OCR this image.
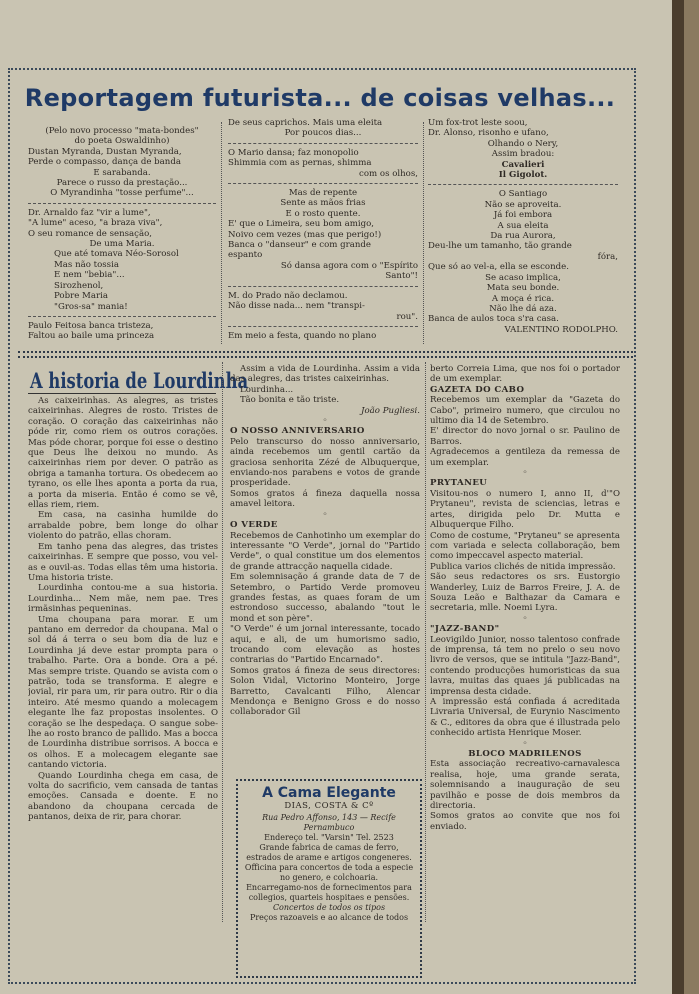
Reportagem futurista... de coisas velhas...

(Pelo novo processo "mata-bondes"

do poeta Oswaldinho)

Dustan Myranda, Dustan Myranda,

Perde o compasso, dança de banda

E sarabanda.

Parece o russo da prestação...

O Myrandinha "tosse perfume"...

Dr. Arnaldo faz "vir a lume",

"A lume" aceso, "a braza viva",

O seu romance de sensação,

De uma Maria.

Que até tomava Néo-Sorosol

Mas não tossia

E nem "bebia"...

Sirozhenol,

Pobre Maria

"Gros-sa" mania!

Paulo Feitosa banca tristeza,

Faltou ao baile uma princeza

De seus caprichos. Mais uma eleita

Por poucos dias...

O Mario dansa; faz monopolio

Shimmia com as pernas, shimma

com os olhos,

Mas de repente

Sente as mãos frias

E o rosto quente.

E' que o Limeira, seu bom amigo,

Noivo cem vezes (mas que perigo!)

Banca o "danseur" e com grande

espanto

Só dansa agora com o "Espírito

Santo"!

M. do Prado não declamou.

Não disse nada... nem "transpi-

rou".

Em meio a festa, quando no plano

Um fox-trot leste soou,

Dr. Alonso, risonho e ufano,

Olhando o Nery,

Assim bradou:

Cavalieri

Il Gigolot.

O Santiago

Não se aproveita.

Já foi embora

A sua eleita

Da rua Aurora,

Deu-lhe um tamanho, tão grande

fóra,

Que só ao vel-a, ella se esconde.

Se acaso implica,

Mata seu bonde.

A moça é rica.

Não lhe dá aza.

Banca de aulos toca s'ra casa.

VALENTINO RODOLPHO.

A historia de Lourdinha

As caixeirinhas. As alegres, as tristes caixeirinhas. Alegres de rosto. Tristes de coração. O coração das caixeirinhas não póde rir, como riem os outros corações. Mas póde chorar, porque foi esse o destino que Deus lhe deixou no mundo. As caixeirinhas riem por dever. O patrão as obriga a tamanha tortura. Os obedecem ao tyrano, os elle lhes aponta a porta da rua, a porta da miseria. Então é como se vê, ellas riem, riem.

Em casa, na casinha humilde do arrabalde pobre, bem longe do olhar violento do patrão, ellas choram.

Em tanho pena das alegres, das tristes caixeirinhas. E sempre que posso, vou vel-as e ouvil-as. Todas ellas têm uma historia. Uma historia triste.

Lourdinha contou-me a sua historia. Lourdinha... Nem mãe, nem pae. Tres irmãsinhas pequeninas.

Uma choupana para morar. E um pantano em derredor da choupana. Mal o sol dá á terra o seu bom dia de luz e Lourdinha já deve estar prompta para o trabalho. Parte. Ora a bonde. Ora a pé. Mas sempre triste. Quando se avista com o patrão, toda se transforma. E alegre e jovial, rir para um, rir para outro. Rir o dia inteiro. Até mesmo quando a molecagem elegante lhe faz propostas insolentes. O coração se lhe despedaça. O sangue sobe-lhe ao rosto branco de pallido. Mas a bocca de Lourdinha distribue sorrisos. A bocca e os olhos. E a molecagem elegante sae cantando victoria.

Quando Lourdinha chega em casa, de volta do sacrificio, vem cansada de tantas emoções. Cansada e doente. E no abandono da choupana cercada de pantanos, deixa de rir, para chorar.

Assim a vida de Lourdinha. Assim a vida das alegres, das tristes caixeirinhas.

Lourdinha...

Tão bonita e tão triste.

João Pugliesi.

◦

O NOSSO ANNIVERSARIO

Pelo transcurso do nosso anniversario, ainda recebemos um gentil cartão da graciosa senhorita Zézé de Albuquerque, enviando-nos parabens e votos de grande prosperidade.

Somos gratos á fineza daquella nossa amavel leitora.

◦

O VERDE

Recebemos de Canhotinho um exemplar do interessante "O Verde", jornal do "Partido Verde", o qual constitue um dos elementos de grande attracção naquella cidade.

Em solemnisação á grande data de 7 de Setembro, o Partido Verde promoveu grandes festas, as quaes foram de um estrondoso successo, abalando "tout le mond et son père".

"O Verde" é um jornal interessante, tocado aqui, e ali, de um humorismo sadio, trocando com elevação as hostes contrarias do "Partido Encarnado".

Somos gratos á fineza de seus directores: Solon Vidal, Victorino Monteiro, Jorge Barretto, Cavalcanti Filho, Alencar Mendonça e Benigno Gross e do nosso collaborador Gil

berto Correia Lima, que nos foi o portador de um exemplar.

GAZETA DO CABO

Recebemos um exemplar da "Gazeta do Cabo", primeiro numero, que circulou no ultimo dia 14 de Setembro.

E' director do novo jornal o sr. Paulino de Barros.

Agradecemos a gentileza da remessa de um exemplar.

◦

PRYTANEU

Visitou-nos o numero I, anno II, d'"O Prytaneu", revista de sciencias, letras e artes, dirigida pelo Dr. Mutta e Albuquerque Filho.

Como de costume, "Prytaneu" se apresenta com variada e selecta collaboração, bem como impeccavel aspecto material.

Publica varios clichés de nitida impressão.

São seus redactores os srs. Eustorgio Wanderley, Luiz de Barros Freire, J. A. de Souza Leão e Balthazar da Camara e secretaria, mlle. Noemi Lyra.

◦

"JAZZ-BAND"

Leovigildo Junior, nosso talentoso confrade de imprensa, tá tem no prelo o seu novo livro de versos, que se intitula "Jazz-Band", contendo producções humoristicas da sua lavra, muitas das quaes já publicadas na imprensa desta cidade.

A impressão está confiada á acreditada Livraria Universal, de Eurynio Nascimento & C., editores da obra que é illustrada pelo conhecido artista Henrique Moser.

◦

BLOCO MADRILENOS

Esta associação recreativo-carnavalesca realisa, hoje, uma grande serata, solemnisando a inauguração de seu pavilhão e posse de dois membros da directoria.

Somos gratos ao convite que nos foi enviado.

A Cama Elegante
DIAS, COSTA & Cº
Rua Pedro Affonso, 143 — Recife
Pernambuco
Endereço tel. "Varsin" Tel. 2523
Grande fabrica de camas de ferro, estrados de arame e artigos congeneres.
Officina para concertos de toda a especie no genero, e colchoaria.
Encarregamo-nos de fornecimentos para collegios, quarteis hospitaes e pensões.
Concertos de todos os tipos
Preços razoaveis e ao alcance de todos
